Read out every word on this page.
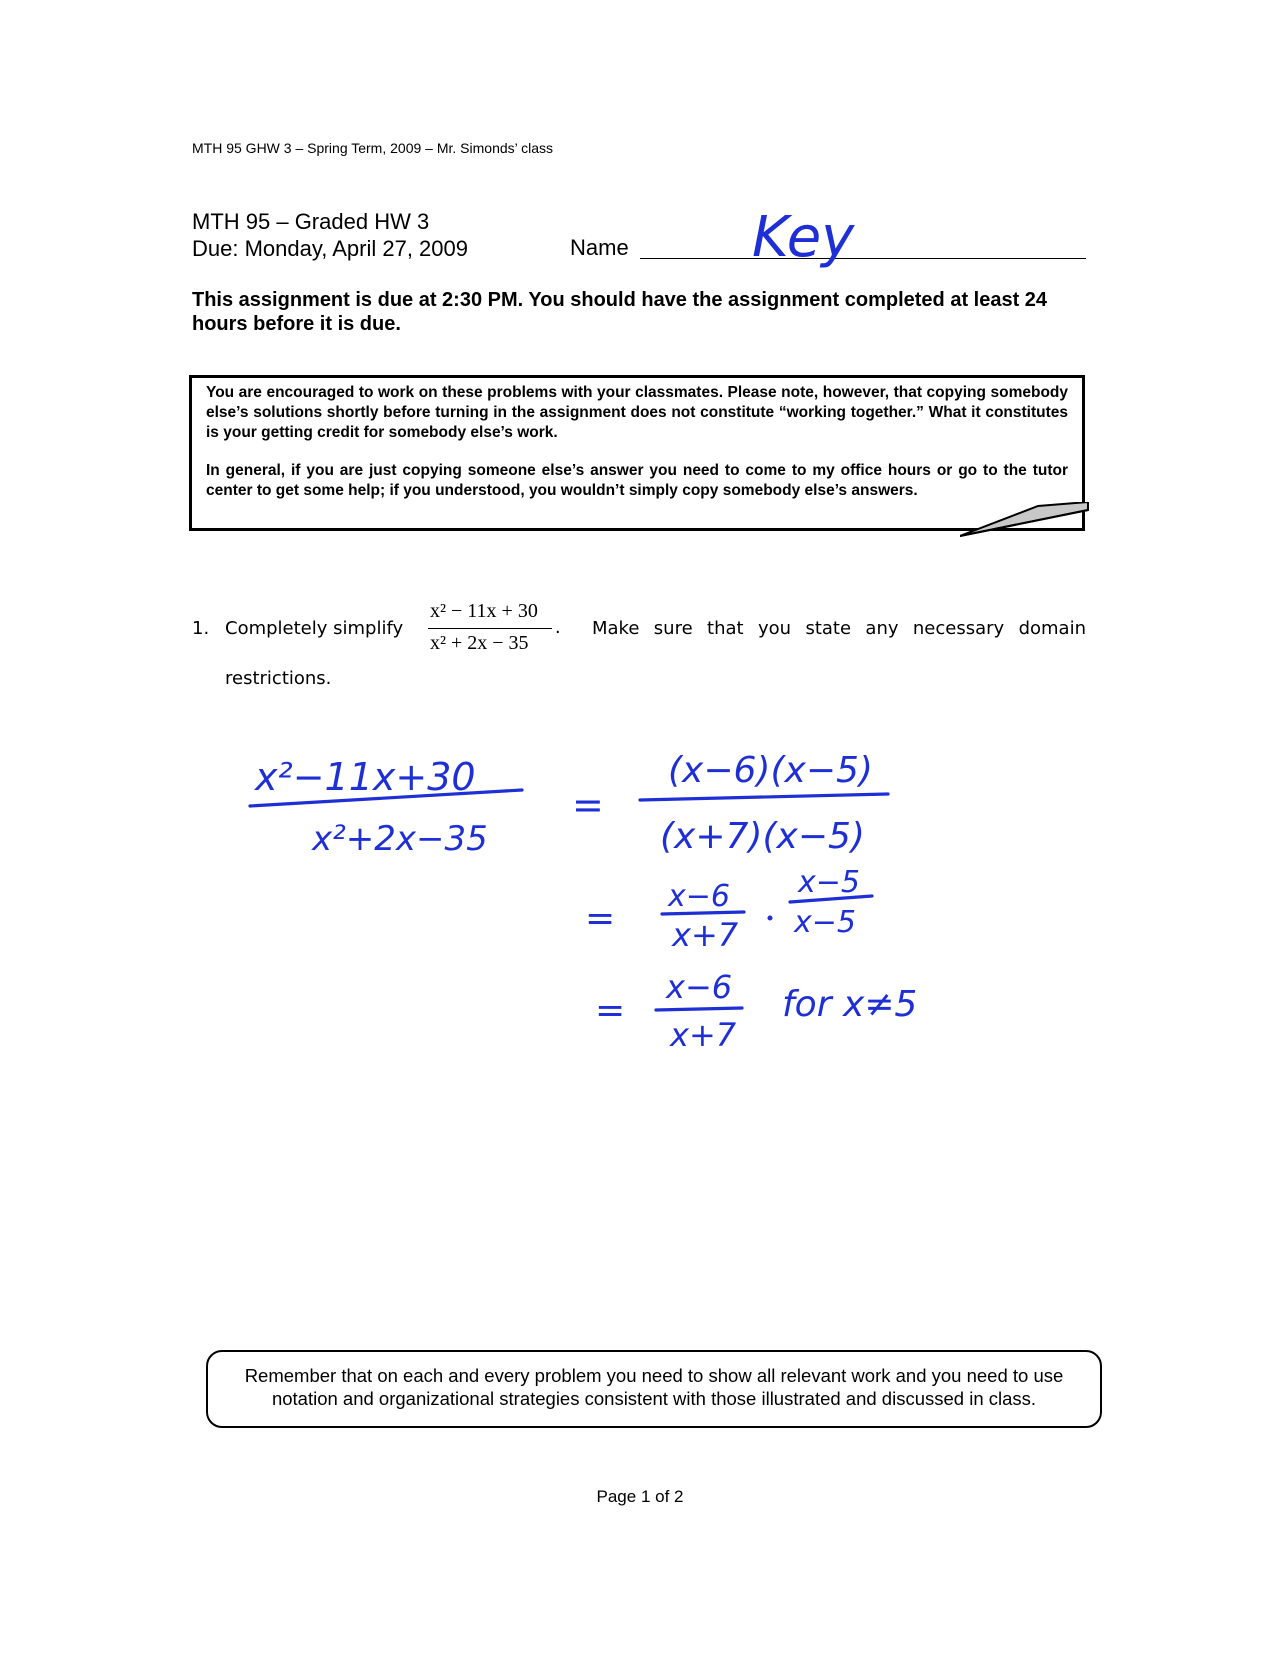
MTH 95 GHW 3 – Spring Term, 2009 – Mr. Simonds’ class
MTH 95 – Graded HW 3
Due: Monday, April 27, 2009	Name
This assignment is due at 2:30 PM. You should have the assignment completed at least 24 hours before it is due.

You are encouraged to work on these problems with your classmates. Please note, however, that copying somebody else’s solutions shortly before turning in the assignment does not constitute “working together.” What it constitutes is your getting credit for somebody else’s work.

In general, if you are just copying someone else’s answer you need to come to my office hours or go to the tutor center to get some help; if you understood, you wouldn’t simply copy somebody else’s answers.

1. Completely simplify
x² − 11x + 30
x² + 2x − 35
. Make sure that you state any necessary domain
restrictions.
Key
x²−11x+30
x²+2x−35
=
(x−6)(x−5)
(x+7)(x−5)
=
x−6
x+7
x−5
x−5
=
x−6
x+7
for x≠5
Remember that on each and every problem you need to show all relevant work and you need to use notation and organizational strategies consistent with those illustrated and discussed in class.
Page 1 of 2
